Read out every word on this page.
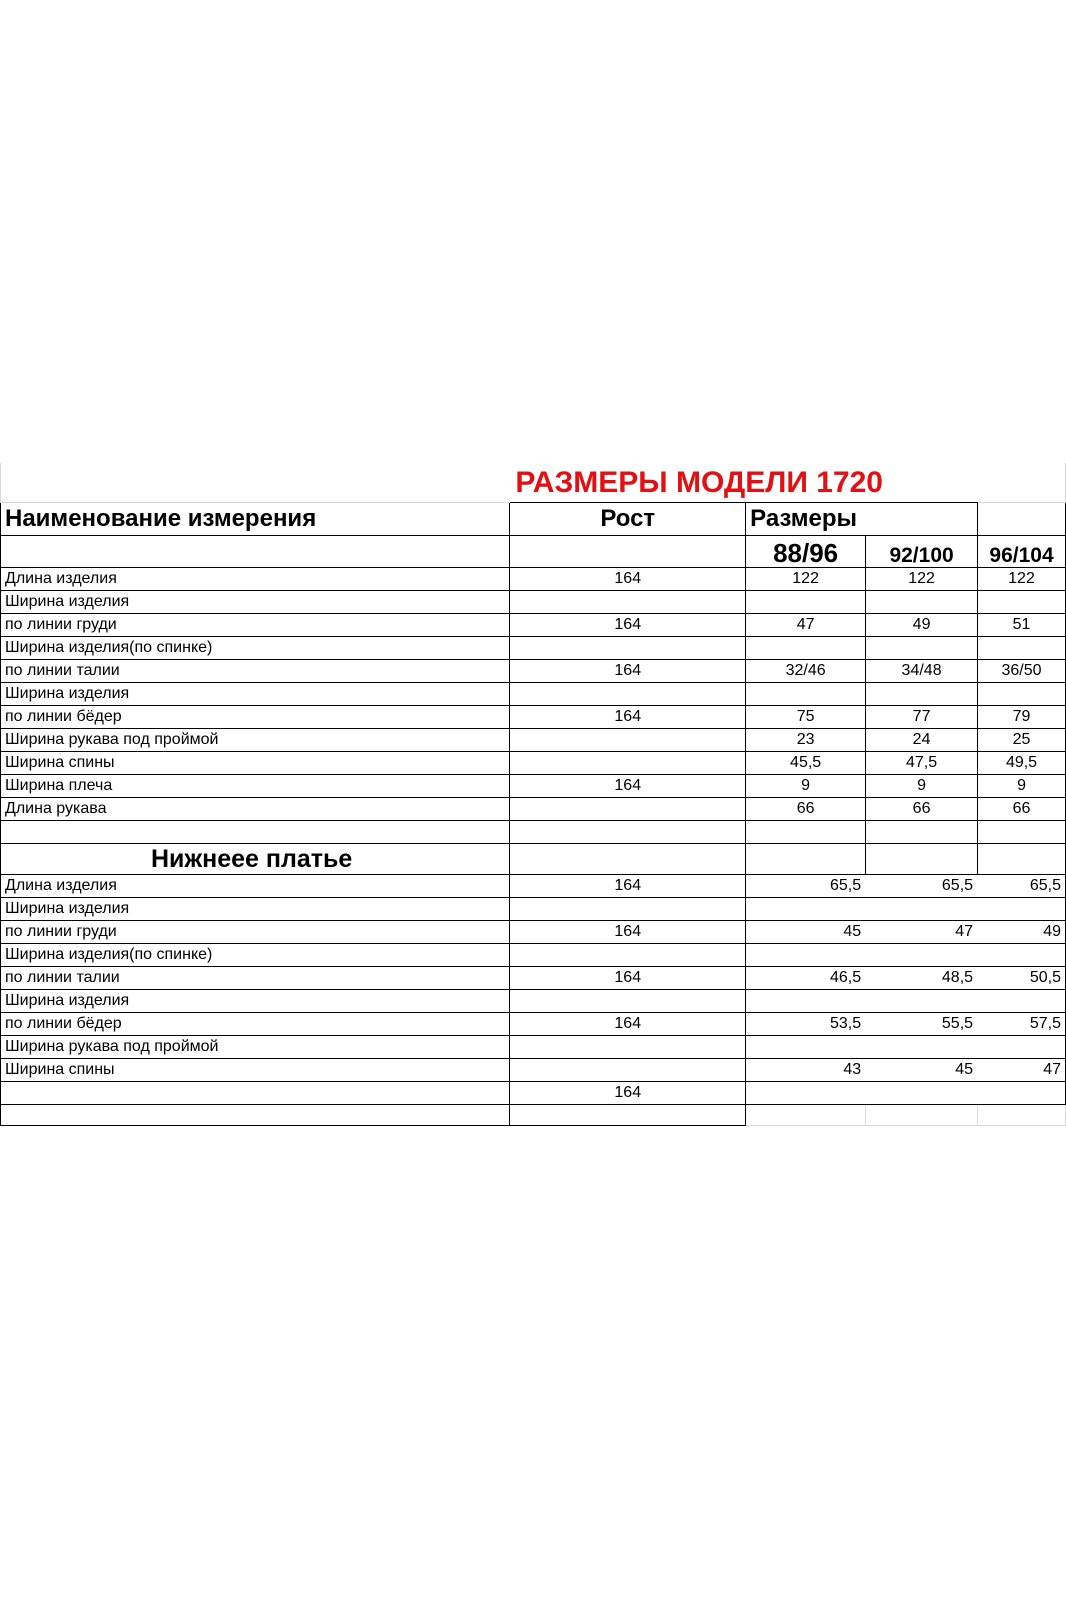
	РАЗМЕРЫ МОДЕЛИ 1720			
Наименование измерения	Рост	Размеры		
		88/96	92/100	96/104
Длина изделия	164	122	122	122
Ширина изделия				
по линии груди	164	47	49	51
Ширина изделия(по спинке)				
по линии талии	164	32/46	34/48	36/50
Ширина изделия				
по линии бёдер	164	75	77	79
Ширина рукава под проймой		23	24	25
Ширина спины		45,5	47,5	49,5
Ширина плеча	164	9	9	9
Длина рукава		66	66	66

Нижнеее платье				
Длина изделия	164	65,5	65,5	65,5
Ширина изделия				
по линии груди	164	45	47	49
Ширина изделия(по спинке)				
по линии талии	164	46,5	48,5	50,5
Ширина изделия				
по линии бёдер	164	53,5	55,5	57,5
Ширина рукава под проймой				
Ширина спины		43	45	47
	164			
